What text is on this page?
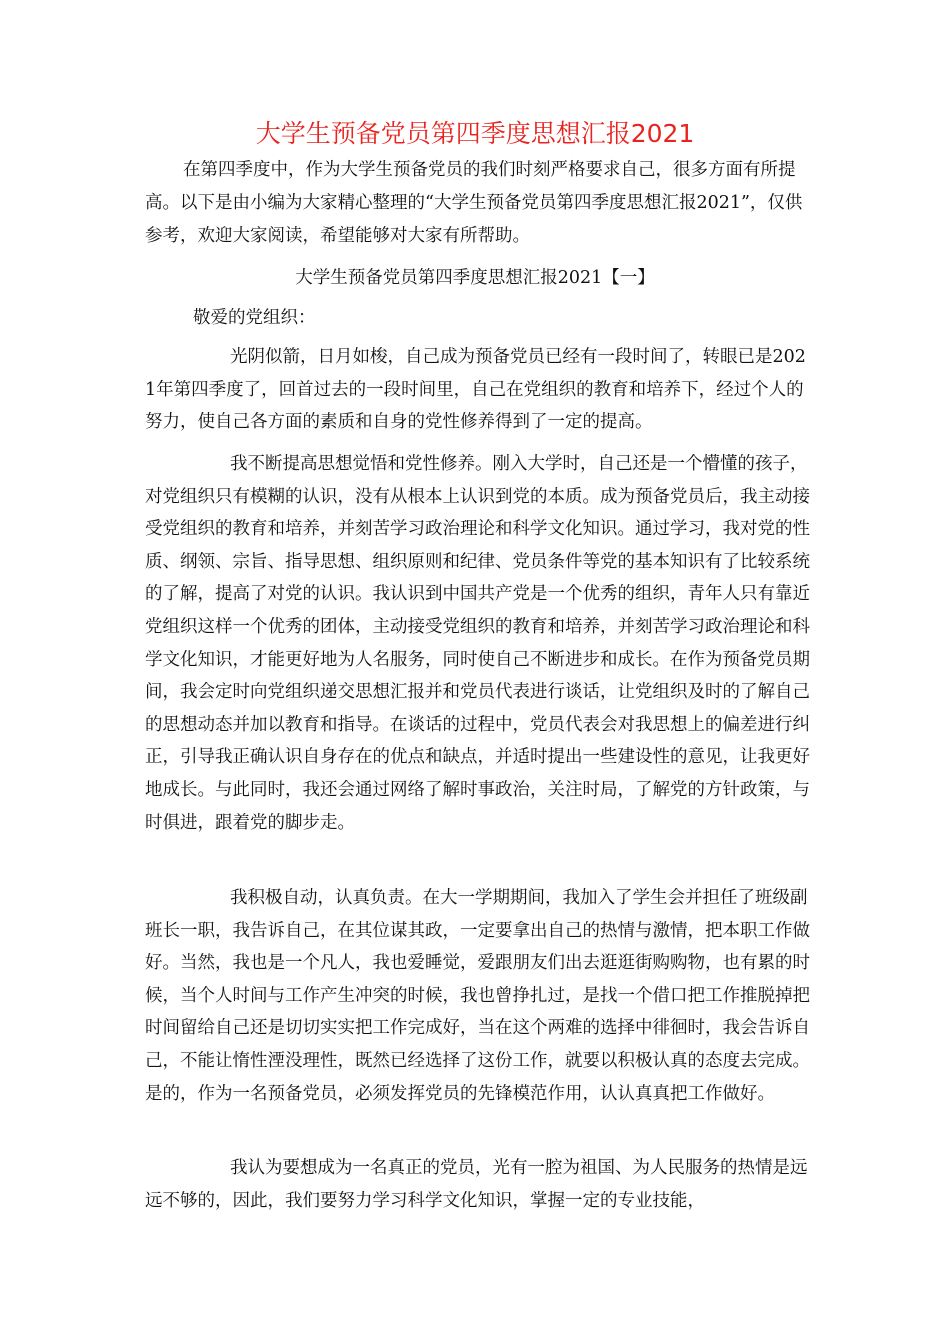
大学生预备党员第四季度思想汇报2021

在第四季度中，作为大学生预备党员的我们时刻严格要求自己，很多方面有所提高。以下是由小编为大家精心整理的“大学生预备党员第四季度思想汇报2021”，仅供参考，欢迎大家阅读，希望能够对大家有所帮助。

大学生预备党员第四季度思想汇报2021【一】
敬爱的党组织：

光阴似箭，日月如梭，自己成为预备党员已经有一段时间了，转眼已是2021年第四季度了，回首过去的一段时间里，自己在党组织的教育和培养下，经过个人的努力，使自己各方面的素质和自身的党性修养得到了一定的提高。

我不断提高思想觉悟和党性修养。刚入大学时，自己还是一个懵懂的孩子，对党组织只有模糊的认识，没有从根本上认识到党的本质。成为预备党员后，我主动接受党组织的教育和培养，并刻苦学习政治理论和科学文化知识。通过学习，我对党的性质、纲领、宗旨、指导思想、组织原则和纪律、党员条件等党的基本知识有了比较系统的了解，提高了对党的认识。我认识到中国共产党是一个优秀的组织，青年人只有靠近党组织这样一个优秀的团体，主动接受党组织的教育和培养，并刻苦学习政治理论和科学文化知识，才能更好地为人名服务，同时使自己不断进步和成长。在作为预备党员期间，我会定时向党组织递交思想汇报并和党员代表进行谈话，让党组织及时的了解自己的思想动态并加以教育和指导。在谈话的过程中，党员代表会对我思想上的偏差进行纠正，引导我正确认识自身存在的优点和缺点，并适时提出一些建设性的意见，让我更好地成长。与此同时，我还会通过网络了解时事政治，关注时局，了解党的方针政策，与时俱进，跟着党的脚步走。

我积极自动，认真负责。在大一学期期间，我加入了学生会并担任了班级副班长一职，我告诉自己，在其位谋其政，一定要拿出自己的热情与激情，把本职工作做好。当然，我也是一个凡人，我也爱睡觉，爱跟朋友们出去逛逛街购购物，也有累的时候，当个人时间与工作产生冲突的时候，我也曾挣扎过，是找一个借口把工作推脱掉把时间留给自己还是切切实实把工作完成好，当在这个两难的选择中徘徊时，我会告诉自己，不能让惰性湮没理性，既然已经选择了这份工作，就要以积极认真的态度去完成。是的，作为一名预备党员，必须发挥党员的先锋模范作用，认认真真把工作做好。

我认为要想成为一名真正的党员，光有一腔为祖国、为人民服务的热情是远远不够的，因此，我们要努力学习科学文化知识，掌握一定的专业技能，
